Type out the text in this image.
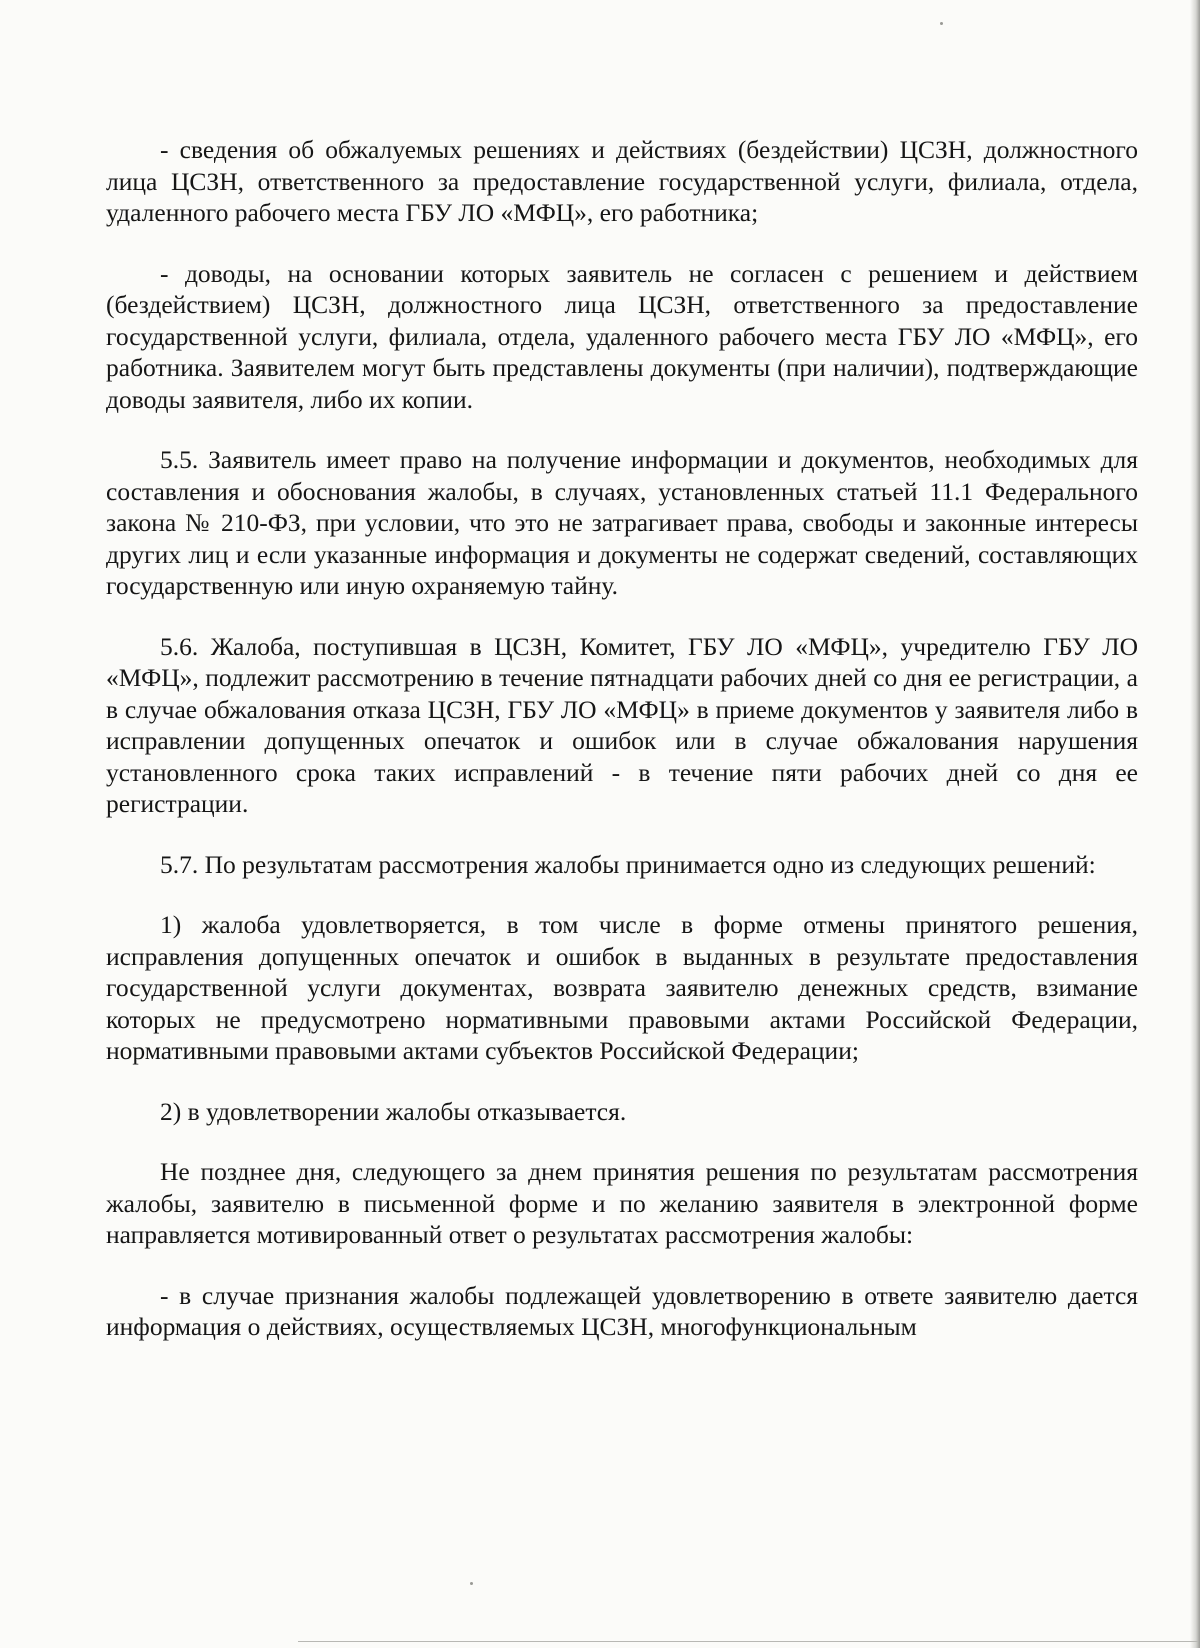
- сведения об обжалуемых решениях и действиях (бездействии) ЦСЗН, должностного лица ЦСЗН, ответственного за предоставление государственной услуги, филиала, отдела, удаленного рабочего места ГБУ ЛО «МФЦ», его работника;

- доводы, на основании которых заявитель не согласен с решением и действием (бездействием) ЦСЗН, должностного лица ЦСЗН, ответственного за предоставление государственной услуги, филиала, отдела, удаленного рабочего места ГБУ ЛО «МФЦ», его работника. Заявителем могут быть представлены документы (при наличии), подтверждающие доводы заявителя, либо их копии.

5.5. Заявитель имеет право на получение информации и документов, необходимых для составления и обоснования жалобы, в случаях, установленных статьей 11.1 Федерального закона № 210-ФЗ, при условии, что это не затрагивает права, свободы и законные интересы других лиц и если указанные информация и документы не содержат сведений, составляющих государственную или иную охраняемую тайну.

5.6. Жалоба, поступившая в ЦСЗН, Комитет, ГБУ ЛО «МФЦ», учредителю ГБУ ЛО «МФЦ», подлежит рассмотрению в течение пятнадцати рабочих дней со дня ее регистрации, а в случае обжалования отказа ЦСЗН, ГБУ ЛО «МФЦ» в приеме документов у заявителя либо в исправлении допущенных опечаток и ошибок или в случае обжалования нарушения установленного срока таких исправлений - в течение пяти рабочих дней со дня ее регистрации.

5.7. По результатам рассмотрения жалобы принимается одно из следующих решений:

1) жалоба удовлетворяется, в том числе в форме отмены принятого решения, исправления допущенных опечаток и ошибок в выданных в результате предоставления государственной услуги документах, возврата заявителю денежных средств, взимание которых не предусмотрено нормативными правовыми актами Российской Федерации, нормативными правовыми актами субъектов Российской Федерации;

2) в удовлетворении жалобы отказывается.

Не позднее дня, следующего за днем принятия решения по результатам рассмотрения жалобы, заявителю в письменной форме и по желанию заявителя в электронной форме направляется мотивированный ответ о результатах рассмотрения жалобы:

- в случае признания жалобы подлежащей удовлетворению в ответе заявителю дается информация о действиях, осуществляемых ЦСЗН, многофункциональным
